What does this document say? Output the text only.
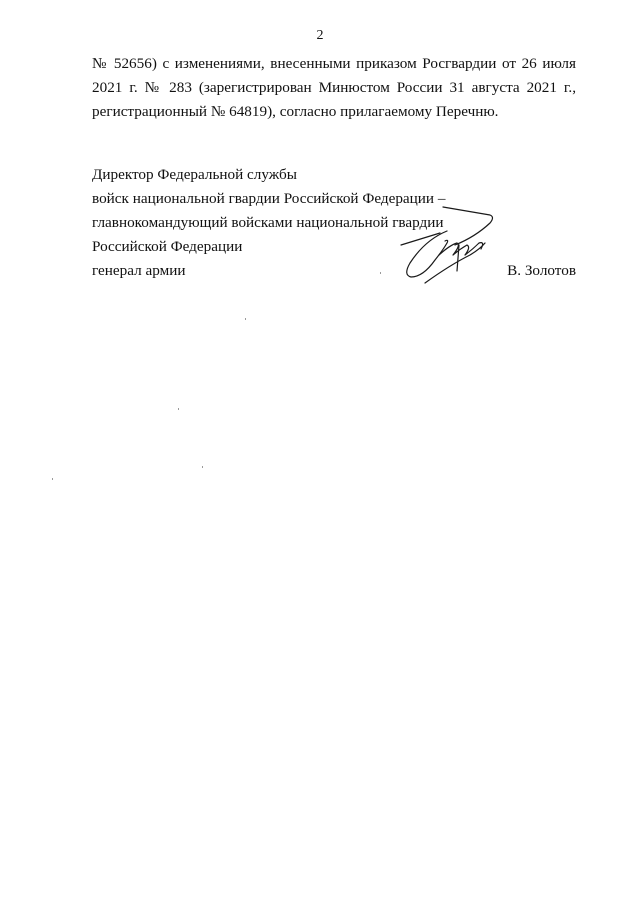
2
№ 52656) с изменениями, внесенными приказом Росгвардии от 26 июля
2021 г. № 283 (зарегистрирован Минюстом России 31 августа 2021 г.,
регистрационный № 64819), согласно прилагаемому Перечню.
Директор Федеральной службы
войск национальной гвардии Российской Федерации –
главнокомандующий войсками национальной гвардии
Российской Федерации
генерал армии	В. Золотов
